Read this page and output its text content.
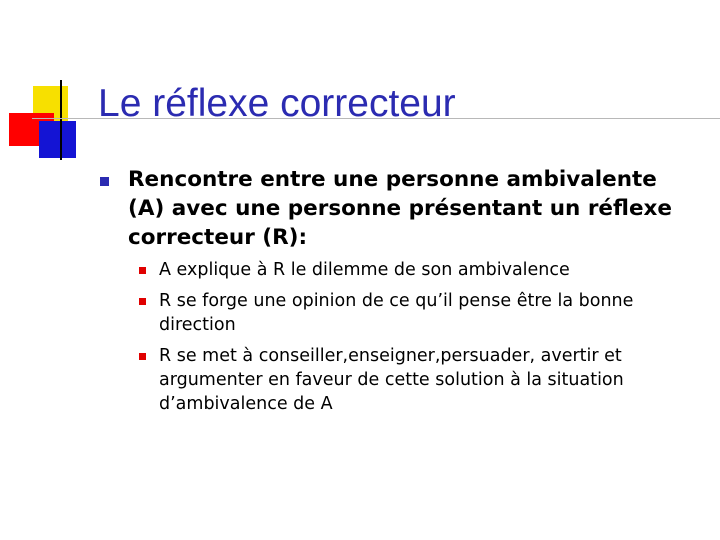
Le réflexe correcteur

Rencontre entre une personne ambivalente (A) avec une personne présentant un réflexe correcteur (R):

A explique à R le dilemme de son ambivalence
R se forge une opinion de ce qu’il pense être la bonne direction
R se met à conseiller,enseigner,persuader, avertir et argumenter en faveur de cette solution à la situation d’ambivalence de A
